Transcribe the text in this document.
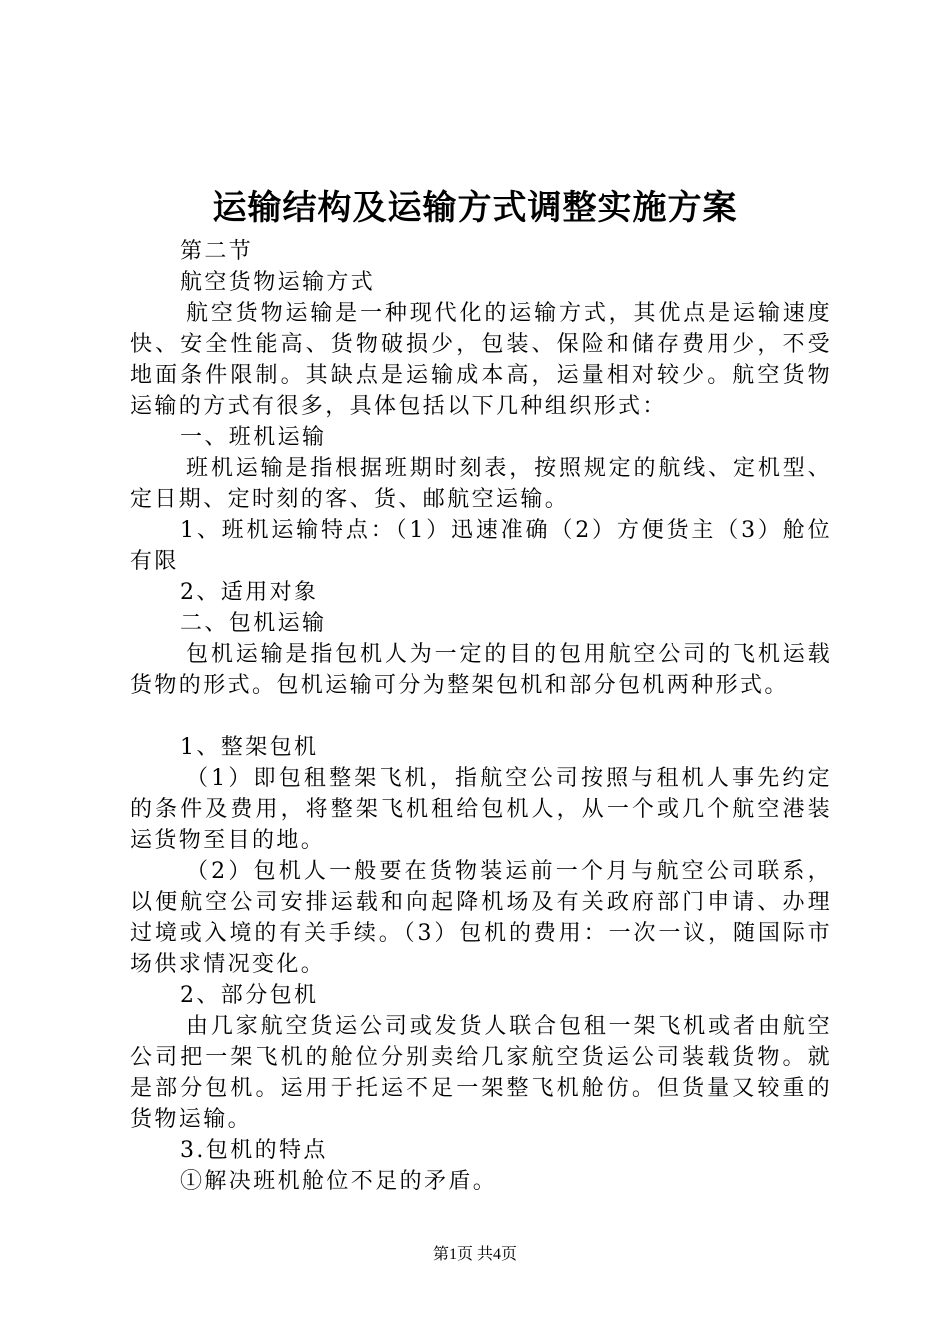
运输结构及运输方式调整实施方案

第二节

航空货物运输方式

航空货物运输是一种现代化的运输方式，其优点是运输速度快、安全性能高、货物破损少，包装、保险和储存费用少，不受地面条件限制。其缺点是运输成本高，运量相对较少。航空货物运输的方式有很多，具体包括以下几种组织形式：

一、班机运输

班机运输是指根据班期时刻表，按照规定的航线、定机型、定日期、定时刻的客、货、邮航空运输。

1、班机运输特点：（1）迅速准确（2）方便货主（3）舱位有限

2、适用对象

二、包机运输

包机运输是指包机人为一定的目的包用航空公司的飞机运载货物的形式。包机运输可分为整架包机和部分包机两种形式。

1、整架包机

（1）即包租整架飞机，指航空公司按照与租机人事先约定的条件及费用，将整架飞机租给包机人，从一个或几个航空港装运货物至目的地。

（2）包机人一般要在货物装运前一个月与航空公司联系，以便航空公司安排运载和向起降机场及有关政府部门申请、办理过境或入境的有关手续。（3）包机的费用：一次一议，随国际市场供求情况变化。

2、部分包机

由几家航空货运公司或发货人联合包租一架飞机或者由航空公司把一架飞机的舱位分别卖给几家航空货运公司装载货物。就是部分包机。运用于托运不足一架整飞机舱仿。但货量又较重的货物运输。

3.包机的特点

①解决班机舱位不足的矛盾。

第1页 共4页
